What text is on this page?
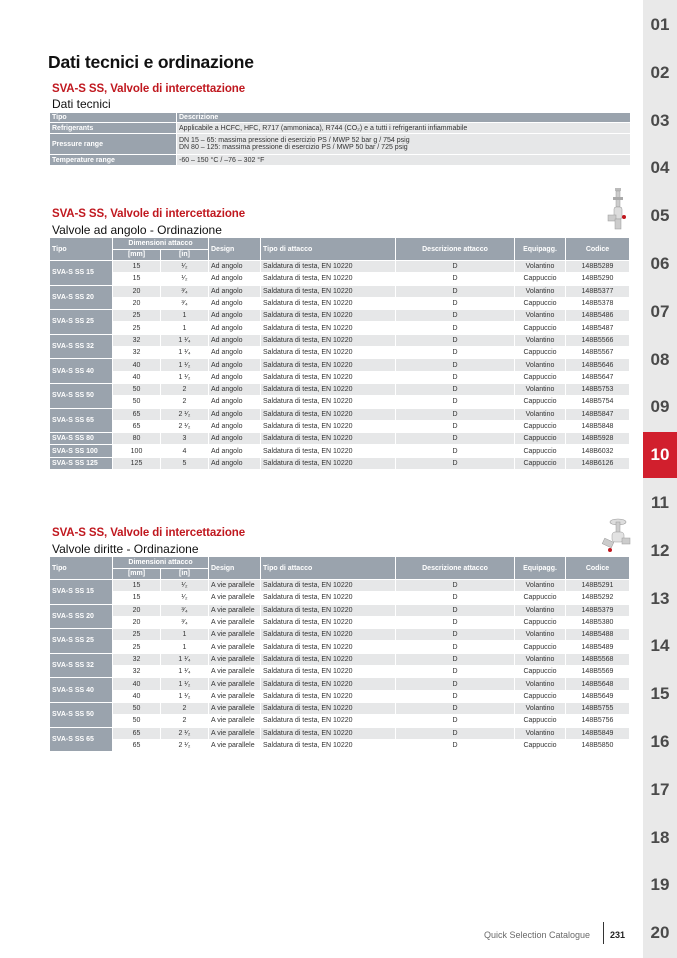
01
02
03
04
05
06
07
08
09
10
11
12
13
14
15
16
17
18
19
20
Dati tecnici e ordinazione
SVA-S SS, Valvole di intercettazione
Dati tecnici
Tipo	Descrizione
Refrigerants	Applicabile a HCFC, HFC, R717 (ammoniaca), R744 (CO₂) e a tutti i refrigeranti infiammabile
Pressure range	DN 15 – 65: massima pressione di esercizio PS / MWP 52 bar g / 754 psig
DN 80 – 125: massima pressione di esercizio PS / MWP 50 bar / 725 psig

Temperature range	-60 – 150 °C / –76 – 302 °F
SVA-S SS, Valvole di intercettazione
Valvole ad angolo - Ordinazione
Tipo	Dimensioni attacco		Design	Tipo di attacco	Descrizione attacco	Equipagg.	Codice
	[mm]	[in]					
SVA-S SS 15	15	¹⁄₂	Ad angolo	Saldatura di testa, EN 10220	D	Volantino	148B5289
	15	¹⁄₂	Ad angolo	Saldatura di testa, EN 10220	D	Cappuccio	148B5290
SVA-S SS 20	20	³⁄₄	Ad angolo	Saldatura di testa, EN 10220	D	Volantino	148B5377
	20	³⁄₄	Ad angolo	Saldatura di testa, EN 10220	D	Cappuccio	148B5378
SVA-S SS 25	25	1	Ad angolo	Saldatura di testa, EN 10220	D	Volantino	148B5486
	25	1	Ad angolo	Saldatura di testa, EN 10220	D	Cappuccio	148B5487
SVA-S SS 32	32	1 ¹⁄₄	Ad angolo	Saldatura di testa, EN 10220	D	Volantino	148B5566
	32	1 ¹⁄₄	Ad angolo	Saldatura di testa, EN 10220	D	Cappuccio	148B5567
SVA-S SS 40	40	1 ¹⁄₂	Ad angolo	Saldatura di testa, EN 10220	D	Volantino	148B5646
	40	1 ¹⁄₂	Ad angolo	Saldatura di testa, EN 10220	D	Cappuccio	148B5647
SVA-S SS 50	50	2	Ad angolo	Saldatura di testa, EN 10220	D	Volantino	148B5753
	50	2	Ad angolo	Saldatura di testa, EN 10220	D	Cappuccio	148B5754
SVA-S SS 65	65	2 ¹⁄₂	Ad angolo	Saldatura di testa, EN 10220	D	Volantino	148B5847
	65	2 ¹⁄₂	Ad angolo	Saldatura di testa, EN 10220	D	Cappuccio	148B5848
SVA-S SS 80	80	3	Ad angolo	Saldatura di testa, EN 10220	D	Cappuccio	148B5928
SVA-S SS 100	100	4	Ad angolo	Saldatura di testa, EN 10220	D	Cappuccio	148B6032
SVA-S SS 125	125	5	Ad angolo	Saldatura di testa, EN 10220	D	Cappuccio	148B6126
SVA-S SS, Valvole di intercettazione
Valvole diritte - Ordinazione
Tipo	Dimensioni attacco		Design	Tipo di attacco	Descrizione attacco	Equipagg.	Codice
	[mm]	[in]					
SVA-S SS 15	15	¹⁄₂	A vie parallele	Saldatura di testa, EN 10220	D	Volantino	148B5291
	15	¹⁄₂	A vie parallele	Saldatura di testa, EN 10220	D	Cappuccio	148B5292
SVA-S SS 20	20	³⁄₄	A vie parallele	Saldatura di testa, EN 10220	D	Volantino	148B5379
	20	³⁄₄	A vie parallele	Saldatura di testa, EN 10220	D	Cappuccio	148B5380
SVA-S SS 25	25	1	A vie parallele	Saldatura di testa, EN 10220	D	Volantino	148B5488
	25	1	A vie parallele	Saldatura di testa, EN 10220	D	Cappuccio	148B5489
SVA-S SS 32	32	1 ¹⁄₄	A vie parallele	Saldatura di testa, EN 10220	D	Volantino	148B5568
	32	1 ¹⁄₄	A vie parallele	Saldatura di testa, EN 10220	D	Cappuccio	148B5569
SVA-S SS 40	40	1 ¹⁄₂	A vie parallele	Saldatura di testa, EN 10220	D	Volantino	148B5648
	40	1 ¹⁄₂	A vie parallele	Saldatura di testa, EN 10220	D	Cappuccio	148B5649
SVA-S SS 50	50	2	A vie parallele	Saldatura di testa, EN 10220	D	Volantino	148B5755
	50	2	A vie parallele	Saldatura di testa, EN 10220	D	Cappuccio	148B5756
SVA-S SS 65	65	2 ¹⁄₂	A vie parallele	Saldatura di testa, EN 10220	D	Volantino	148B5849
	65	2 ¹⁄₂	A vie parallele	Saldatura di testa, EN 10220	D	Cappuccio	148B5850
Quick Selection Catalogue 231
